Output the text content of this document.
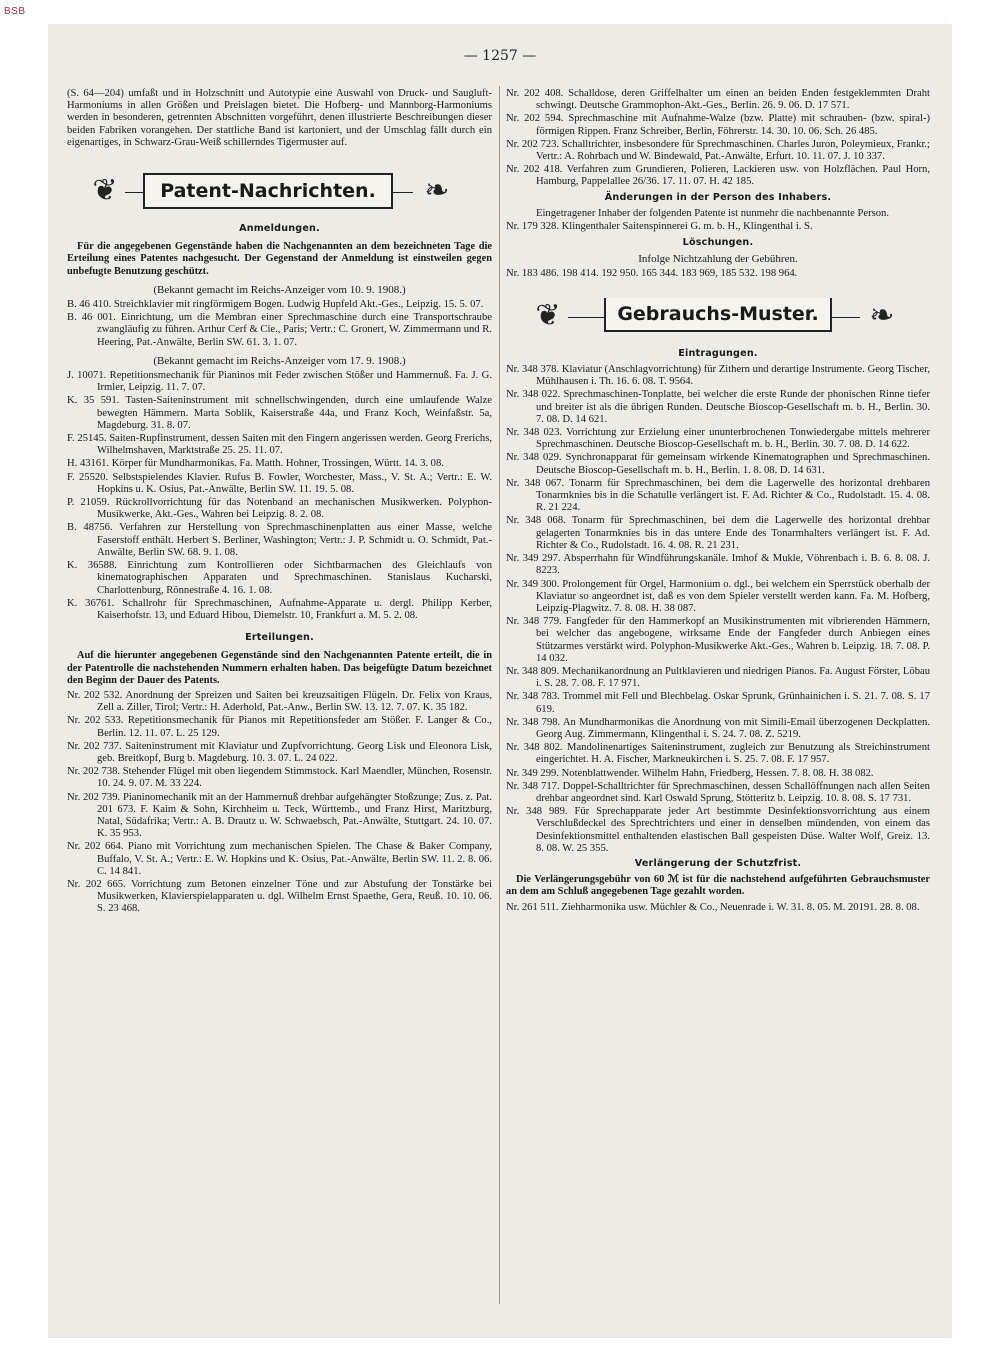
BSB
— 1257 —

(S. 64—204) umfaßt und in Holzschnitt und Autotypie eine Auswahl von Druck- und Saugluft-Harmoniums in allen Größen und Preislagen bietet. Die Hofberg- und Mannborg-Harmoniums werden in besonderen, getrennten Abschnitten vorgeführt, denen illustrierte Beschreibungen dieser beiden Fabriken vorangehen. Der stattliche Band ist kartoniert, und der Umschlag fällt durch ein eigenartiges, in Schwarz-Grau-Weiß schillerndes Tigermuster auf.

❦	Patent-Nachrichten.	❧
Anmeldungen.

Für die angegebenen Gegenstände haben die Nachgenannten an dem bezeichneten Tage die Erteilung eines Patentes nachgesucht. Der Gegenstand der Anmeldung ist einstweilen gegen unbefugte Benutzung geschützt.

(Bekannt gemacht im Reichs-Anzeiger vom 10. 9. 1908.)

B. 46 410. Streichklavier mit ringförmigem Bogen. Ludwig Hupfeld Akt.-Ges., Leipzig. 15. 5. 07.

B. 46 001. Einrichtung, um die Membran einer Sprechmaschine durch eine Transportschraube zwangläufig zu führen. Arthur Cerf & Cie., Paris; Vertr.: C. Gronert, W. Zimmermann und R. Heering, Pat.-Anwälte, Berlin SW. 61. 3. 1. 07.

(Bekannt gemacht im Reichs-Anzeiger vom 17. 9. 1908.)

J. 10071. Repetitionsmechanik für Pianinos mit Feder zwischen Stößer und Hammernuß. Fa. J. G. Irmler, Leipzig. 11. 7. 07.

K. 35 591. Tasten-Saiteninstrument mit schnellschwingenden, durch eine umlaufende Walze bewegten Hämmern. Marta Soblik, Kaiserstraße 44a, und Franz Koch, Weinfaßstr. 5a, Magdeburg. 31. 8. 07.

F. 25145. Saiten-Rupfinstrument, dessen Saiten mit den Fingern angerissen werden. Georg Frerichs, Wilhelmshaven, Marktstraße 25. 25. 11. 07.

H. 43161. Körper für Mundharmonikas. Fa. Matth. Hohner, Trossingen, Württ. 14. 3. 08.

F. 25520. Selbstspielendes Klavier. Rufus B. Fowler, Worchester, Mass., V. St. A.; Vertr.: E. W. Hopkins u. K. Osius, Pat.-Anwälte, Berlin SW. 11. 19. 5. 08.

P. 21059. Rückrollvorrichtung für das Notenband an mechanischen Musikwerken. Polyphon-Musikwerke, Akt.-Ges., Wahren bei Leipzig. 8. 2. 08.

B. 48756. Verfahren zur Herstellung von Sprechmaschinenplatten aus einer Masse, welche Faserstoff enthält. Herbert S. Berliner, Washington; Vertr.: J. P. Schmidt u. O. Schmidt, Pat.-Anwälte, Berlin SW. 68. 9. 1. 08.

K. 36588. Einrichtung zum Kontrollieren oder Sichtbarmachen des Gleichlaufs von kinematographischen Apparaten und Sprechmaschinen. Stanislaus Kucharski, Charlottenburg, Rönnestraße 4. 16. 1. 08.

K. 36761. Schallrohr für Sprechmaschinen, Aufnahme-Apparate u. dergl. Philipp Kerber, Kaiserhofstr. 13, und Eduard Hibou, Diemelstr. 10, Frankfurt a. M. 5. 2. 08.

Erteilungen.

Auf die hierunter angegebenen Gegenstände sind den Nachgenannten Patente erteilt, die in der Patentrolle die nachstehenden Nummern erhalten haben. Das beigefügte Datum bezeichnet den Beginn der Dauer des Patents.

Nr. 202 532. Anordnung der Spreizen und Saiten bei kreuzsaitigen Flügeln. Dr. Felix von Kraus, Zell a. Ziller, Tirol; Vertr.: H. Aderhold, Pat.-Anw., Berlin SW. 13. 12. 7. 07. K. 35 182.

Nr. 202 533. Repetitionsmechanik für Pianos mit Repetitionsfeder am Stößer. F. Langer & Co., Berlin. 12. 11. 07. L. 25 129.

Nr. 202 737. Saiteninstrument mit Klaviatur und Zupfvorrichtung. Georg Lisk und Eleonora Lisk, geb. Breitkopf, Burg b. Magdeburg. 10. 3. 07. L. 24 022.

Nr. 202 738. Stehender Flügel mit oben liegendem Stimmstock. Karl Maendler, München, Rosenstr. 10. 24. 9. 07. M. 33 224.

Nr. 202 739. Pianinomechanik mit an der Hammernuß drehbar aufgehängter Stoßzunge; Zus. z. Pat. 201 673. F. Kaim & Sohn, Kirchheim u. Teck, Württemb., und Franz Hirst, Maritzburg, Natal, Südafrika; Vertr.: A. B. Drautz u. W. Schwaebsch, Pat.-Anwälte, Stuttgart. 24. 10. 07. K. 35 953.

Nr. 202 664. Piano mit Vorrichtung zum mechanischen Spielen. The Chase & Baker Company, Buffalo, V. St. A.; Vertr.: E. W. Hopkins und K. Osius, Pat.-Anwälte, Berlin SW. 11. 2. 8. 06. C. 14 841.

Nr. 202 665. Vorrichtung zum Betonen einzelner Töne und zur Abstufung der Tonstärke bei Musikwerken, Klavierspielapparaten u. dgl. Wilhelm Ernst Spaethe, Gera, Reuß. 10. 10. 06. S. 23 468.

Nr. 202 408. Schalldose, deren Griffelhalter um einen an beiden Enden festgeklemmten Draht schwingt. Deutsche Grammophon-Akt.-Ges., Berlin. 26. 9. 06. D. 17 571.

Nr. 202 594. Sprechmaschine mit Aufnahme-Walze (bzw. Platte) mit schrauben- (bzw. spiral-) förmigen Rippen. Franz Schreiber, Berlin, Föhrerstr. 14. 30. 10. 06. Sch. 26 485.

Nr. 202 723. Schalltrichter, insbesondere für Sprechmaschinen. Charles Juron, Poleymieux, Frankr.; Vertr.: A. Rohrbach und W. Bindewald, Pat.-Anwälte, Erfurt. 10. 11. 07. J. 10 337.

Nr. 202 418. Verfahren zum Grundieren, Polieren, Lackieren usw. von Holzflächen. Paul Horn, Hamburg, Pappelallee 26/36. 17. 11. 07. H. 42 185.

Änderungen in der Person des Inhabers.

Eingetragener Inhaber der folgenden Patente ist nunmehr die nachbenannte Person.

Nr. 179 328. Klingenthaler Saitenspinnerei G. m. b. H., Klingenthal i. S.

Löschungen.
Infolge Nichtzahlung der Gebühren.

Nr. 183 486. 198 414. 192 950. 165 344. 183 969, 185 532. 198 964.

❦	Gebrauchs-Muster.	❧
Eintragungen.

Nr. 348 378. Klaviatur (Anschlagvorrichtung) für Zithern und derartige Instrumente. Georg Tischer, Mühlhausen i. Th. 16. 6. 08. T. 9564.

Nr. 348 022. Sprechmaschinen-Tonplatte, bei welcher die erste Runde der phonischen Rinne tiefer und breiter ist als die übrigen Runden. Deutsche Bioscop-Gesellschaft m. b. H., Berlin. 30. 7. 08. D. 14 621.

Nr. 348 023. Vorrichtung zur Erzielung einer ununterbrochenen Tonwiedergabe mittels mehrerer Sprechmaschinen. Deutsche Bioscop-Gesellschaft m. b. H., Berlin. 30. 7. 08. D. 14 622.

Nr. 348 029. Synchronapparat für gemeinsam wirkende Kinematographen und Sprechmaschinen. Deutsche Bioscop-Gesellschaft m. b. H., Berlin. 1. 8. 08. D. 14 631.

Nr. 348 067. Tonarm für Sprechmaschinen, bei dem die Lagerwelle des horizontal drehbaren Tonarmknies bis in die Schatulle verlängert ist. F. Ad. Richter & Co., Rudolstadt. 15. 4. 08. R. 21 224.

Nr. 348 068. Tonarm für Sprechmaschinen, bei dem die Lagerwelle des horizontal drehbar gelagerten Tonarmknies bis in das untere Ende des Tonarmhalters verlängert ist. F. Ad. Richter & Co., Rudolstadt. 16. 4. 08. R. 21 231.

Nr. 349 297. Absperrhahn für Windführungskanäle. Imhof & Mukle, Vöhrenbach i. B. 6. 8. 08. J. 8223.

Nr. 349 300. Prolongement für Orgel, Harmonium o. dgl., bei welchem ein Sperrstück oberhalb der Klaviatur so angeordnet ist, daß es von dem Spieler verstellt werden kann. Fa. M. Hofberg, Leipzig-Plagwitz. 7. 8. 08. H. 38 087.

Nr. 348 779. Fangfeder für den Hammerkopf an Musikinstrumenten mit vibrierenden Hämmern, bei welcher das angebogene, wirksame Ende der Fangfeder durch Anbiegen eines Stützarmes verstärkt wird. Polyphon-Musikwerke Akt.-Ges., Wahren b. Leipzig. 18. 7. 08. P. 14 032.

Nr. 348 809. Mechanikanordnung an Pultklavieren und niedrigen Pianos. Fa. August Förster, Löbau i. S. 28. 7. 08. F. 17 971.

Nr. 348 783. Trommel mit Fell und Blechbelag. Oskar Sprunk, Grünhainichen i. S. 21. 7. 08. S. 17 619.

Nr. 348 798. An Mundharmonikas die Anordnung von mit Simili-Email überzogenen Deckplatten. Georg Aug. Zimmermann, Klingenthal i. S. 24. 7. 08. Z. 5219.

Nr. 348 802. Mandolinenartiges Saiteninstrument, zugleich zur Benutzung als Streichinstrument eingerichtet. H. A. Fischer, Markneukirchen i. S. 25. 7. 08. F. 17 957.

Nr. 349 299. Notenblattwender. Wilhelm Hahn, Friedberg, Hessen. 7. 8. 08. H. 38 082.

Nr. 348 717. Doppel-Schalltrichter für Sprechmaschinen, dessen Schallöffnungen nach allen Seiten drehbar angeordnet sind. Karl Oswald Sprung, Stötteritz b. Leipzig. 10. 8. 08. S. 17 731.

Nr. 348 989. Für Sprechapparate jeder Art bestimmte Desinfektionsvorrichtung aus einem Verschlußdeckel des Sprechtrichters und einer in denselben mündenden, von einem das Desinfektionsmittel enthaltenden elastischen Ball gespeisten Düse. Walter Wolf, Greiz. 13. 8. 08. W. 25 355.

Verlängerung der Schutzfrist.

Die Verlängerungsgebühr von 60 ℳ ist für die nachstehend aufgeführten Gebrauchsmuster an dem am Schluß angegebenen Tage gezahlt worden.

Nr. 261 511. Ziehharmonika usw. Müchler & Co., Neuenrade i. W. 31. 8. 05. M. 20191. 28. 8. 08.
